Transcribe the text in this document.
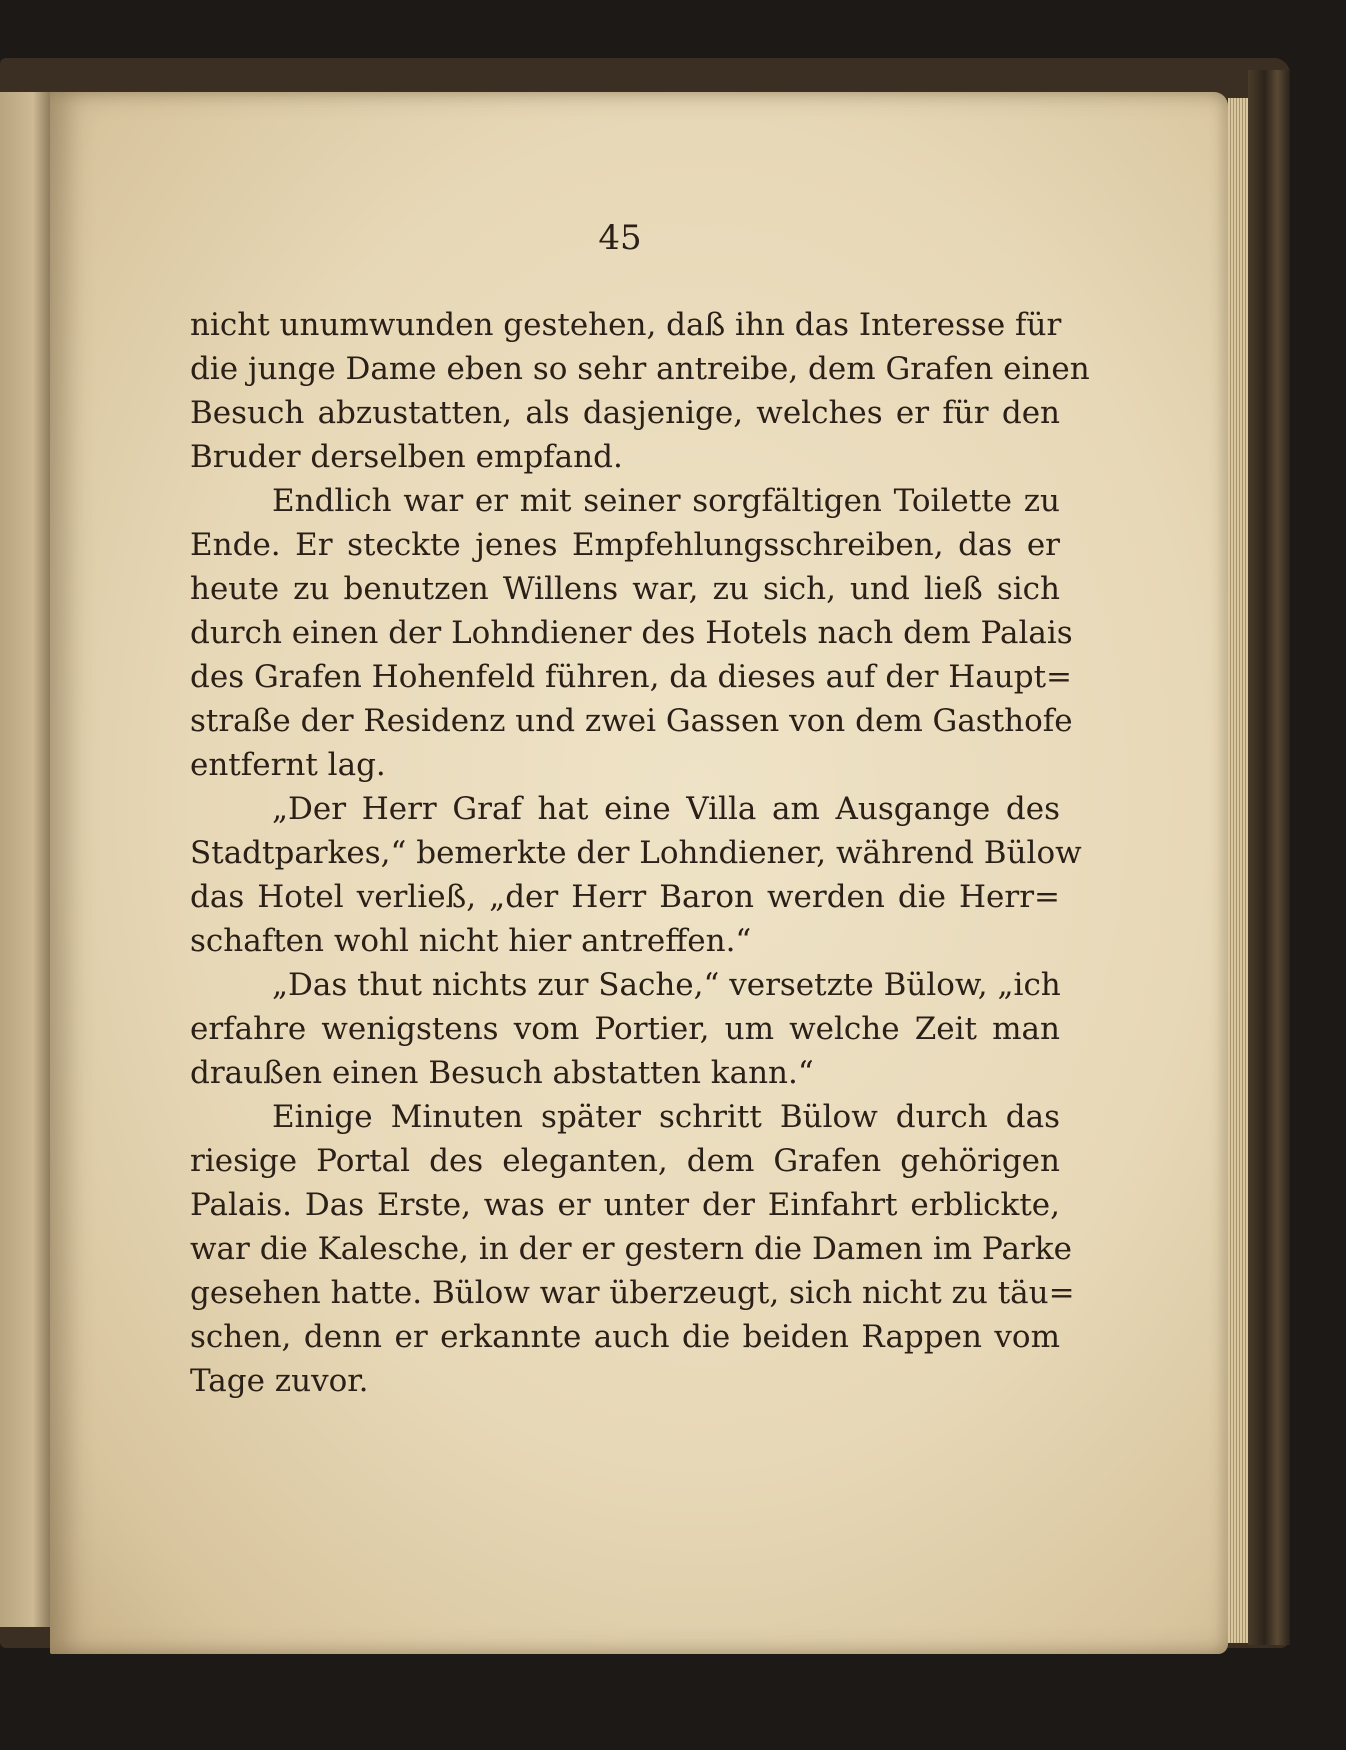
45
nicht unumwunden gestehen, daß ihn das Interesse für
die junge Dame eben so sehr antreibe, dem Grafen einen
Besuch abzustatten, als dasjenige, welches er für den
Bruder derselben empfand.
Endlich war er mit seiner sorgfältigen Toilette zu
Ende. Er steckte jenes Empfehlungsschreiben, das er
heute zu benutzen Willens war, zu sich, und ließ sich
durch einen der Lohndiener des Hotels nach dem Palais
des Grafen Hohenfeld führen, da dieses auf der Haupt=
straße der Residenz und zwei Gassen von dem Gasthofe
entfernt lag.
„Der Herr Graf hat eine Villa am Ausgange des
Stadtparkes,“ bemerkte der Lohndiener, während Bülow
das Hotel verließ, „der Herr Baron werden die Herr=
schaften wohl nicht hier antreffen.“
„Das thut nichts zur Sache,“ versetzte Bülow, „ich
erfahre wenigstens vom Portier, um welche Zeit man
draußen einen Besuch abstatten kann.“
Einige Minuten später schritt Bülow durch das
riesige Portal des eleganten, dem Grafen gehörigen
Palais. Das Erste, was er unter der Einfahrt erblickte,
war die Kalesche, in der er gestern die Damen im Parke
gesehen hatte. Bülow war überzeugt, sich nicht zu täu=
schen, denn er erkannte auch die beiden Rappen vom
Tage zuvor.
